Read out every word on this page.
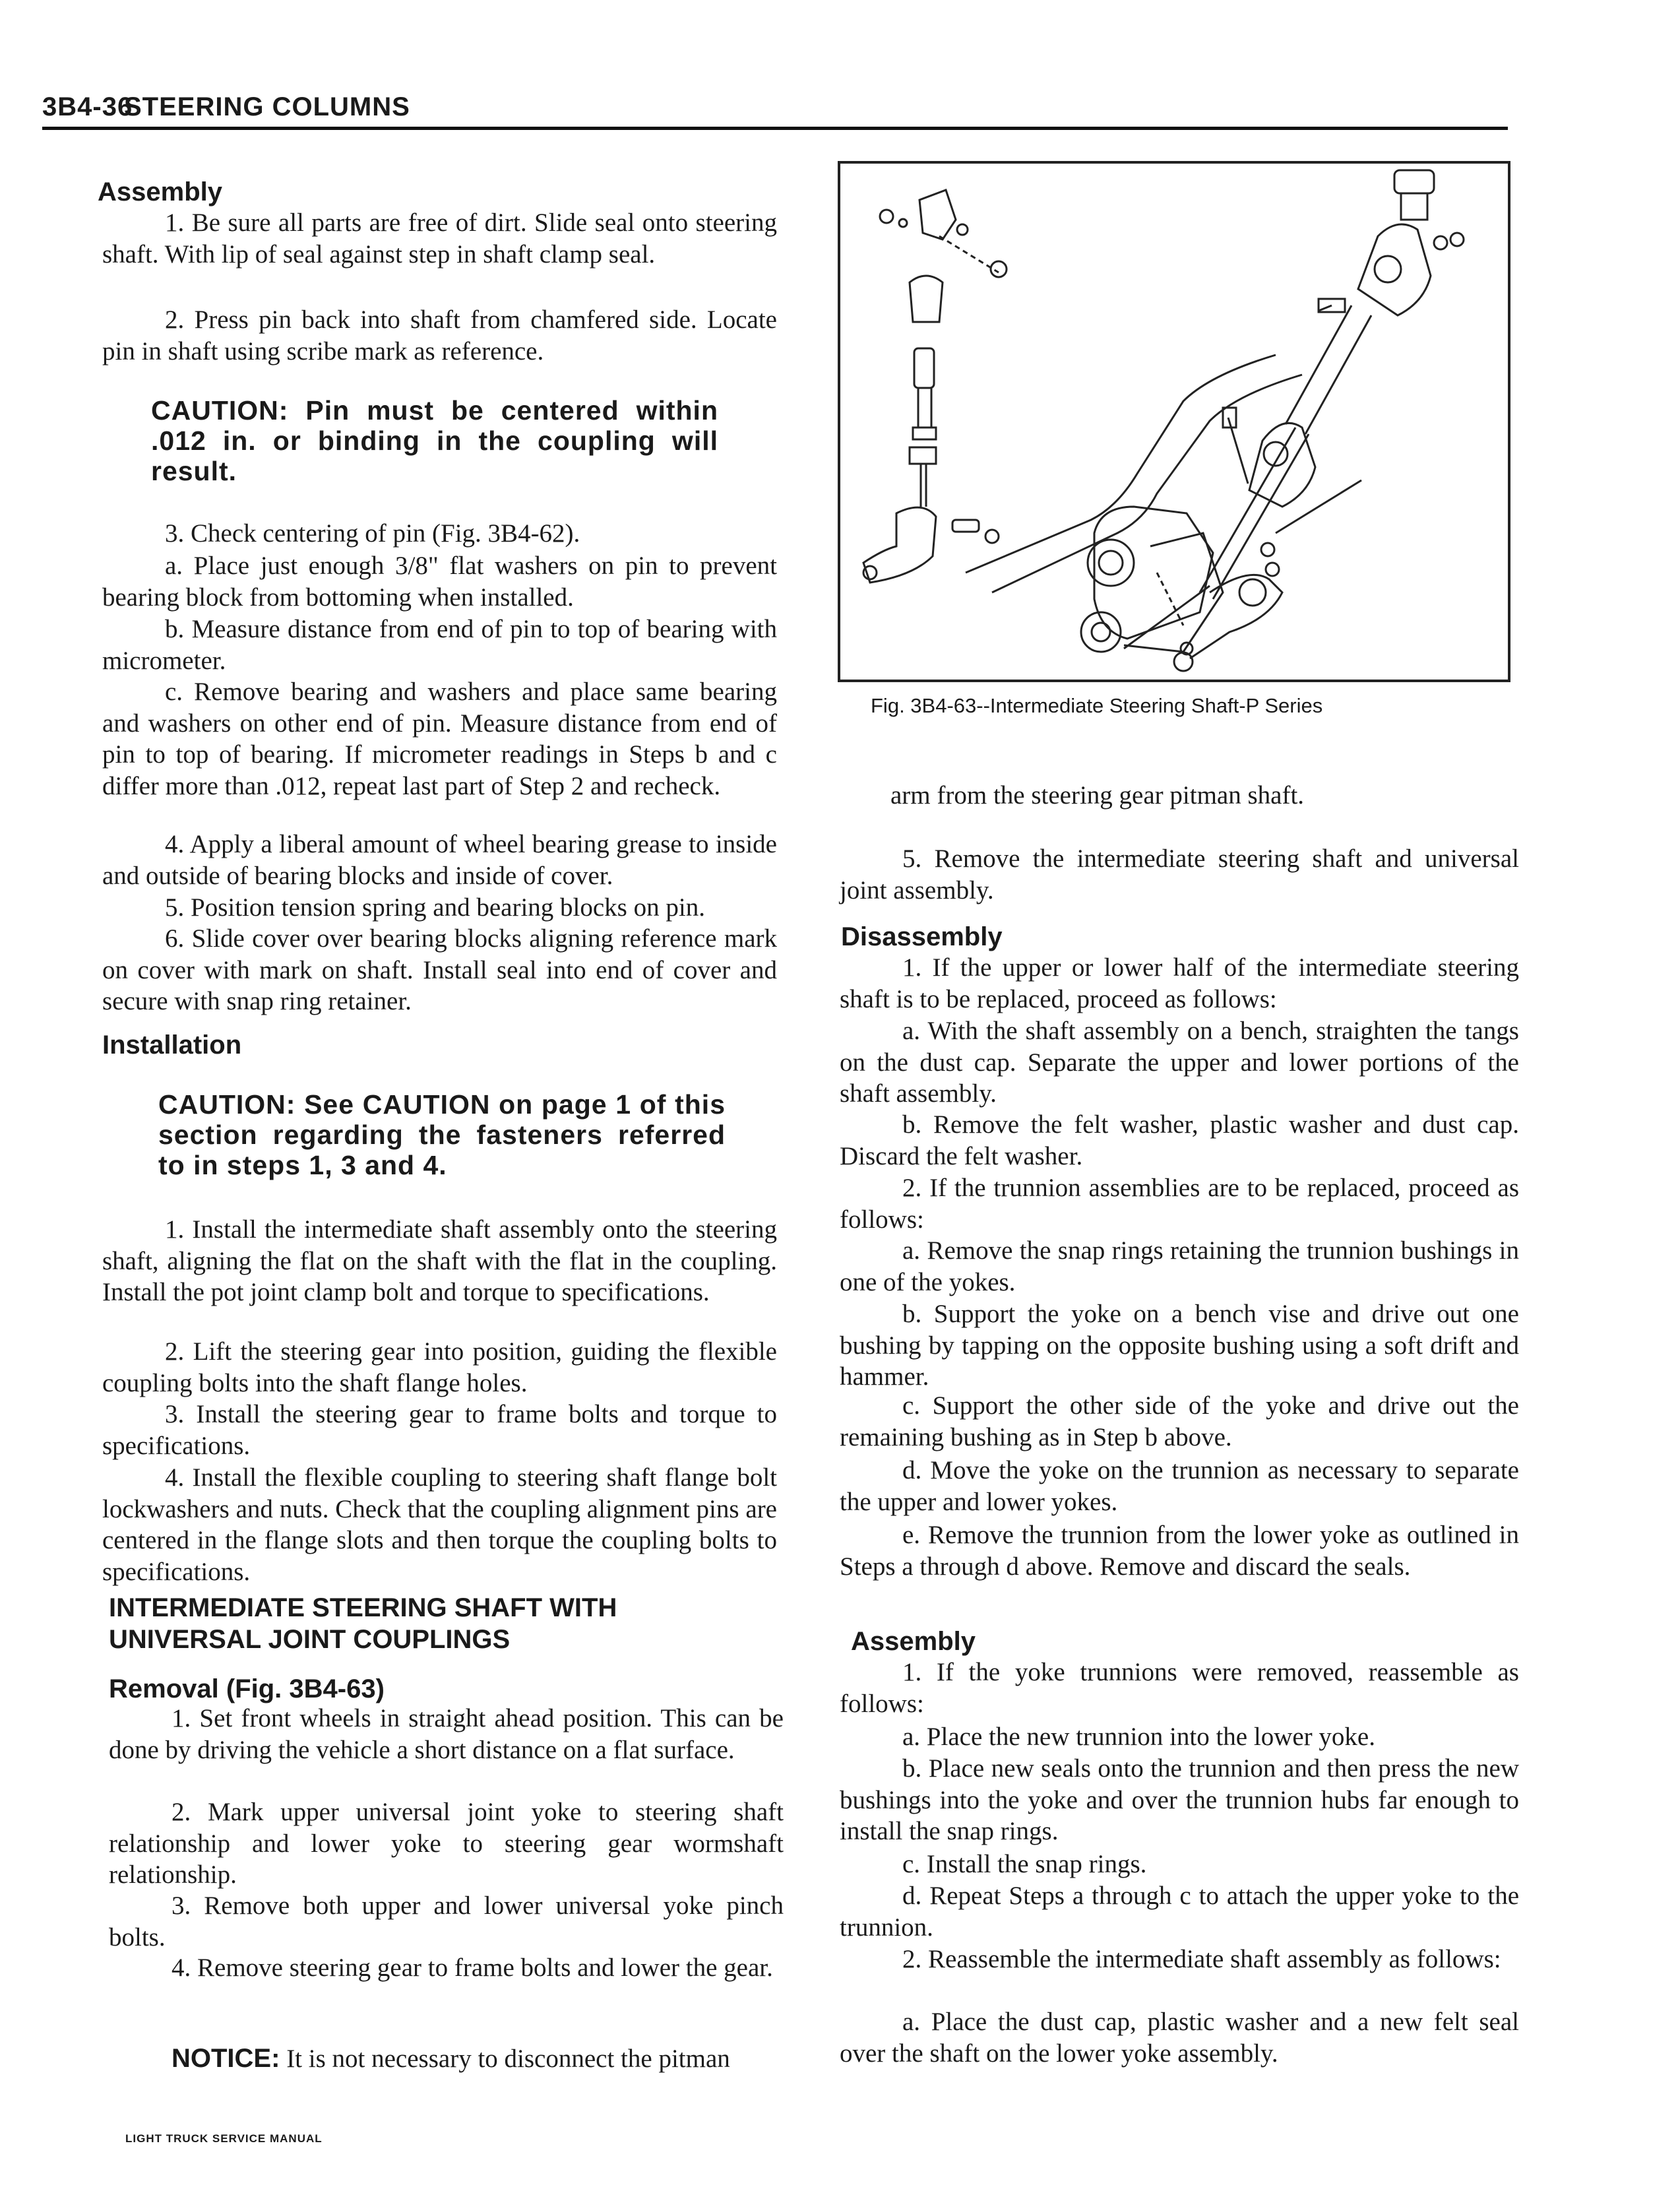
3B4-36
STEERING COLUMNS
Assembly
1. Be sure all parts are free of dirt. Slide seal onto steering shaft. With lip of seal against step in shaft clamp seal.
2. Press pin back into shaft from chamfered side. Locate pin in shaft using scribe mark as reference.
CAUTION: Pin must be centered within .012 in. or binding in the coupling will result.
3. Check centering of pin (Fig. 3B4-62).
a. Place just enough 3/8" flat washers on pin to prevent bearing block from bottoming when installed.
b. Measure distance from end of pin to top of bearing with micrometer.
c. Remove bearing and washers and place same bearing and washers on other end of pin. Measure distance from end of pin to top of bearing. If micrometer readings in Steps b and c differ more than .012, repeat last part of Step 2 and recheck.
4. Apply a liberal amount of wheel bearing grease to inside and outside of bearing blocks and inside of cover.
5. Position tension spring and bearing blocks on pin.
6. Slide cover over bearing blocks aligning reference mark on cover with mark on shaft. Install seal into end of cover and secure with snap ring retainer.
Installation
CAUTION: See CAUTION on page 1 of this section regarding the fasteners referred to in steps 1, 3 and 4.
1. Install the intermediate shaft assembly onto the steering shaft, aligning the flat on the shaft with the flat in the coupling. Install the pot joint clamp bolt and torque to specifications.
2. Lift the steering gear into position, guiding the flexible coupling bolts into the shaft flange holes.
3. Install the steering gear to frame bolts and torque to specifications.
4. Install the flexible coupling to steering shaft flange bolt lockwashers and nuts. Check that the coupling alignment pins are centered in the flange slots and then torque the coupling bolts to specifications.
INTERMEDIATE STEERING SHAFT WITH UNIVERSAL JOINT COUPLINGS
Removal (Fig. 3B4-63)
1. Set front wheels in straight ahead position. This can be done by driving the vehicle a short distance on a flat surface.
2. Mark upper universal joint yoke to steering shaft relationship and lower yoke to steering gear wormshaft relationship.
3. Remove both upper and lower universal yoke pinch bolts.
4. Remove steering gear to frame bolts and lower the gear.
NOTICE: It is not necessary to disconnect the pitman
Fig. 3B4-63--Intermediate Steering Shaft-P Series
arm from the steering gear pitman shaft.
5. Remove the intermediate steering shaft and universal joint assembly.
Disassembly
1. If the upper or lower half of the intermediate steering shaft is to be replaced, proceed as follows:
a. With the shaft assembly on a bench, straighten the tangs on the dust cap. Separate the upper and lower portions of the shaft assembly.
b. Remove the felt washer, plastic washer and dust cap. Discard the felt washer.
2. If the trunnion assemblies are to be replaced, proceed as follows:
a. Remove the snap rings retaining the trunnion bushings in one of the yokes.
b. Support the yoke on a bench vise and drive out one bushing by tapping on the opposite bushing using a soft drift and hammer.
c. Support the other side of the yoke and drive out the remaining bushing as in Step b above.
d. Move the yoke on the trunnion as necessary to separate the upper and lower yokes.
e. Remove the trunnion from the lower yoke as outlined in Steps a through d above. Remove and discard the seals.
Assembly
1. If the yoke trunnions were removed, reassemble as follows:
a. Place the new trunnion into the lower yoke.
b. Place new seals onto the trunnion and then press the new bushings into the yoke and over the trunnion hubs far enough to install the snap rings.
c. Install the snap rings.
d. Repeat Steps a through c to attach the upper yoke to the trunnion.
2. Reassemble the intermediate shaft assembly as follows:
a. Place the dust cap, plastic washer and a new felt seal over the shaft on the lower yoke assembly.
LIGHT TRUCK SERVICE MANUAL
